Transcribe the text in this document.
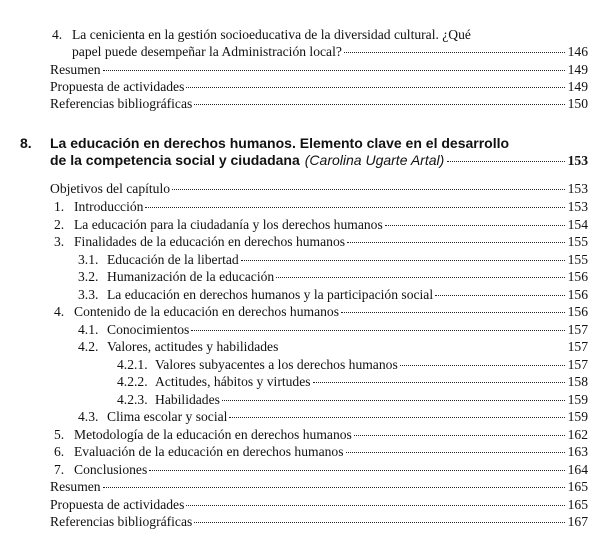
4. La cenicienta en la gestión socioeducativa de la diversidad cultural. ¿Qué
papel puede desempeñar la Administración local?	146
Resumen	149
Propuesta de actividades	149
Referencias bibliográficas	150
8. La educación en derechos humanos. Elemento clave en el desarrollo
de la competencia social y ciudadana (Carolina Ugarte Artal)	153
Objetivos del capítulo	153
1. Introducción	153
2. La educación para la ciudadanía y los derechos humanos	154
3. Finalidades de la educación en derechos humanos	155
3.1. Educación de la libertad	155
3.2. Humanización de la educación	156
3.3. La educación en derechos humanos y la participación social	156
4. Contenido de la educación en derechos humanos	156
4.1. Conocimientos	157
4.2. Valores, actitudes y habilidades	157
4.2.1. Valores subyacentes a los derechos humanos	157
4.2.2. Actitudes, hábitos y virtudes	158
4.2.3. Habilidades	159
4.3. Clima escolar y social	159
5. Metodología de la educación en derechos humanos	162
6. Evaluación de la educación en derechos humanos	163
7. Conclusiones	164
Resumen	165
Propuesta de actividades	165
Referencias bibliográficas	167
